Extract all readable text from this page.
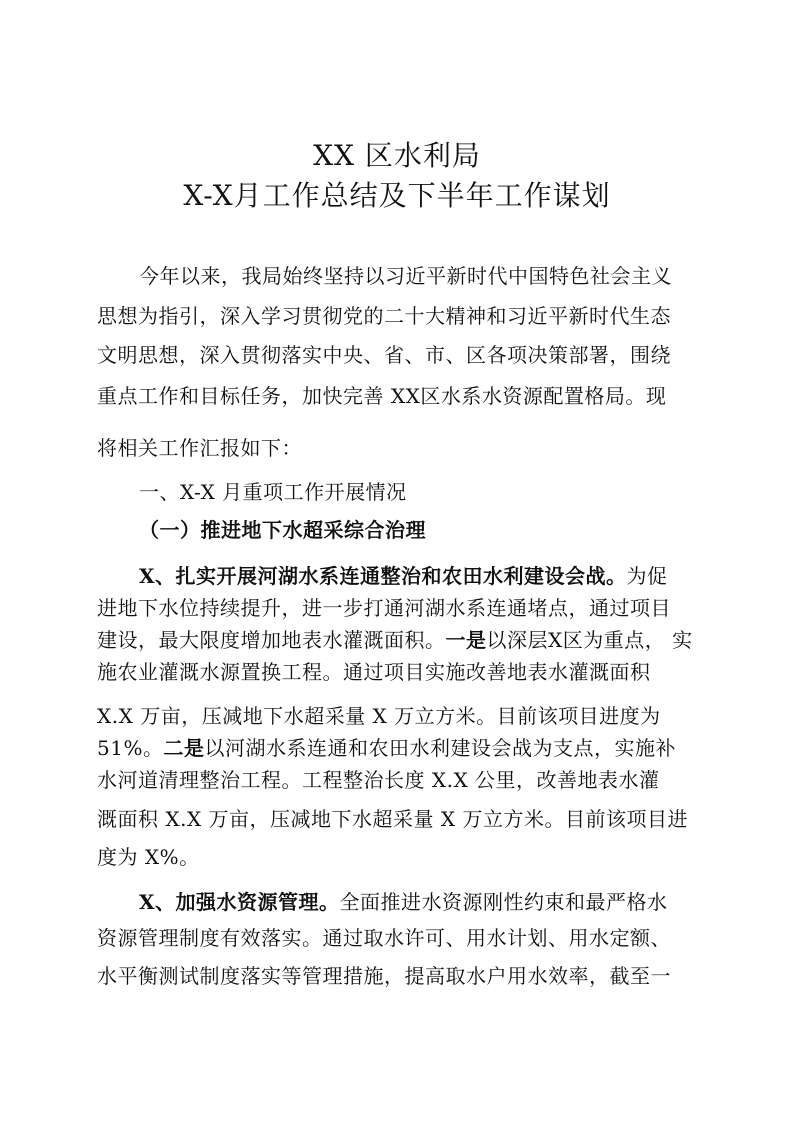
XX 区水利局
X-X月工作总结及下半年工作谋划
今年以来，我局始终坚持以习近平新时代中国特色社会主义
思想为指引，深入学习贯彻党的二十大精神和习近平新时代生态
文明思想，深入贯彻落实中央、省、市、区各项决策部署，围绕
重点工作和目标任务，加快完善 XX区水系水资源配置格局。现
将相关工作汇报如下：
一、X-X 月重项工作开展情况
（一）推进地下水超采综合治理
X、扎实开展河湖水系连通整治和农田水利建设会战。为促
进地下水位持续提升，进一步打通河湖水系连通堵点，通过项目
建设，最大限度增加地表水灌溉面积。一是以深层X区为重点， 实
施农业灌溉水源置换工程。通过项目实施改善地表水灌溉面积
X.X 万亩，压减地下水超采量 X 万立方米。目前该项目进度为
51%。二是以河湖水系连通和农田水利建设会战为支点，实施补
水河道清理整治工程。工程整治长度 X.X 公里，改善地表水灌
溉面积 X.X 万亩，压减地下水超采量 X 万立方米。目前该项目进
度为 X%。
X、加强水资源管理。全面推进水资源刚性约束和最严格水
资源管理制度有效落实。通过取水许可、用水计划、用水定额、
水平衡测试制度落实等管理措施，提高取水户用水效率，截至一
